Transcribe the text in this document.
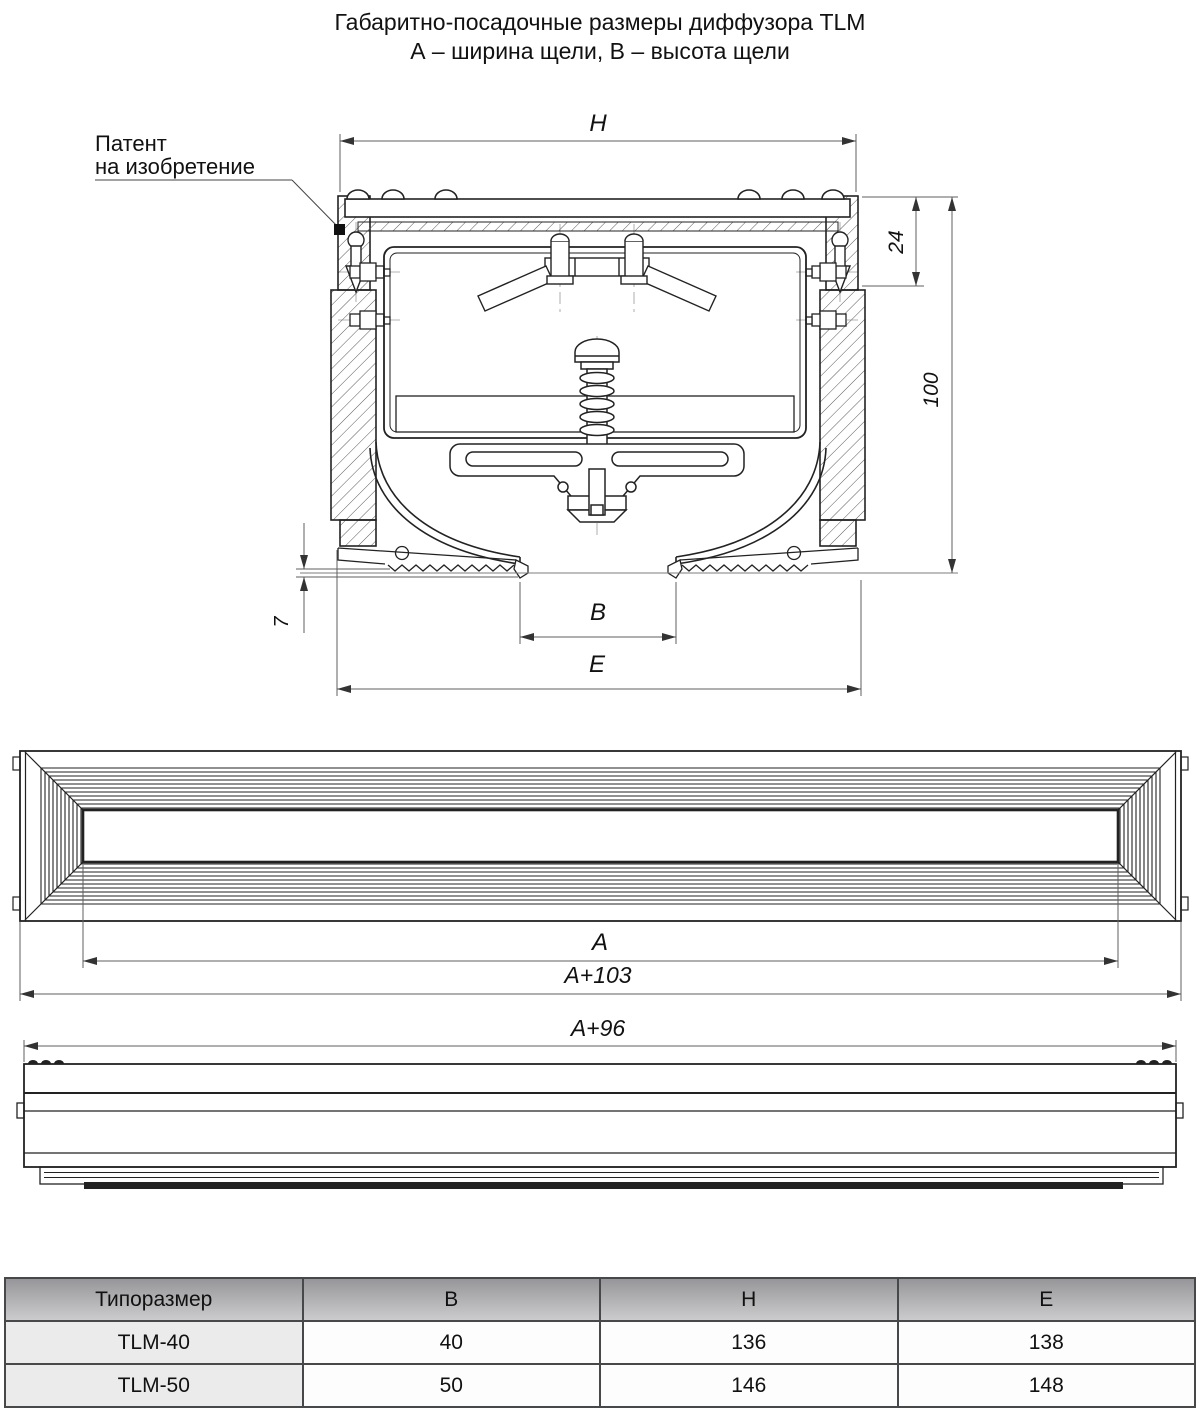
Габаритно-посадочные размеры диффузора TLM
А – ширина щели, В – высота щели
Патент
на изобретение
H
24
100
7	B
E
A
A+103
A+96
Типоразмер	B	H	E
TLM-40	40	136	138
TLM-50	50	146	148
